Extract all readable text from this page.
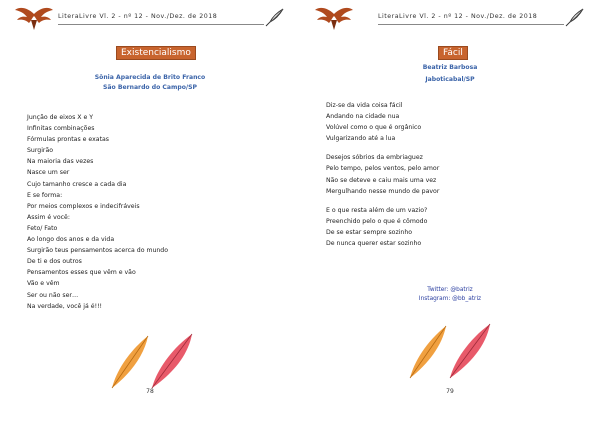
LiteraLivre Vl. 2 - nº 12 - Nov./Dez. de 2018
Existencialismo
Sônia Aparecida de Brito Franco
São Bernardo do Campo/SP
Junção de eixos X e Y
Infinitas combinações
Fórmulas prontas e exatas
Surgirão
Na maioria das vezes
Nasce um ser
Cujo tamanho cresce a cada dia
E se forma:
Por meios complexos e indecifráveis
Assim é você:
Feto/ Fato
Ao longo dos anos e da vida
Surgirão teus pensamentos acerca do mundo
De ti e dos outros
Pensamentos esses que vêm e vão
Vão e vêm
Ser ou não ser…
Na verdade, você já é!!!
78
LiteraLivre Vl. 2 - nº 12 - Nov./Dez. de 2018
Fácil
Beatriz Barbosa
Jaboticabal/SP
Diz-se da vida coisa fácil
Andando na cidade nua
Volúvel como o que é orgânico
Vulgarizando até a lua
Desejos sóbrios da embriaguez
Pelo tempo, pelos ventos, pelo amor
Não se deteve e caiu mais uma vez
Mergulhando nesse mundo de pavor
E o que resta além de um vazio?
Preenchido pelo o que é cômodo
De se estar sempre sozinho
De nunca querer estar sozinho
Twitter: @batriz
Instagram: @bb_atriz
79
